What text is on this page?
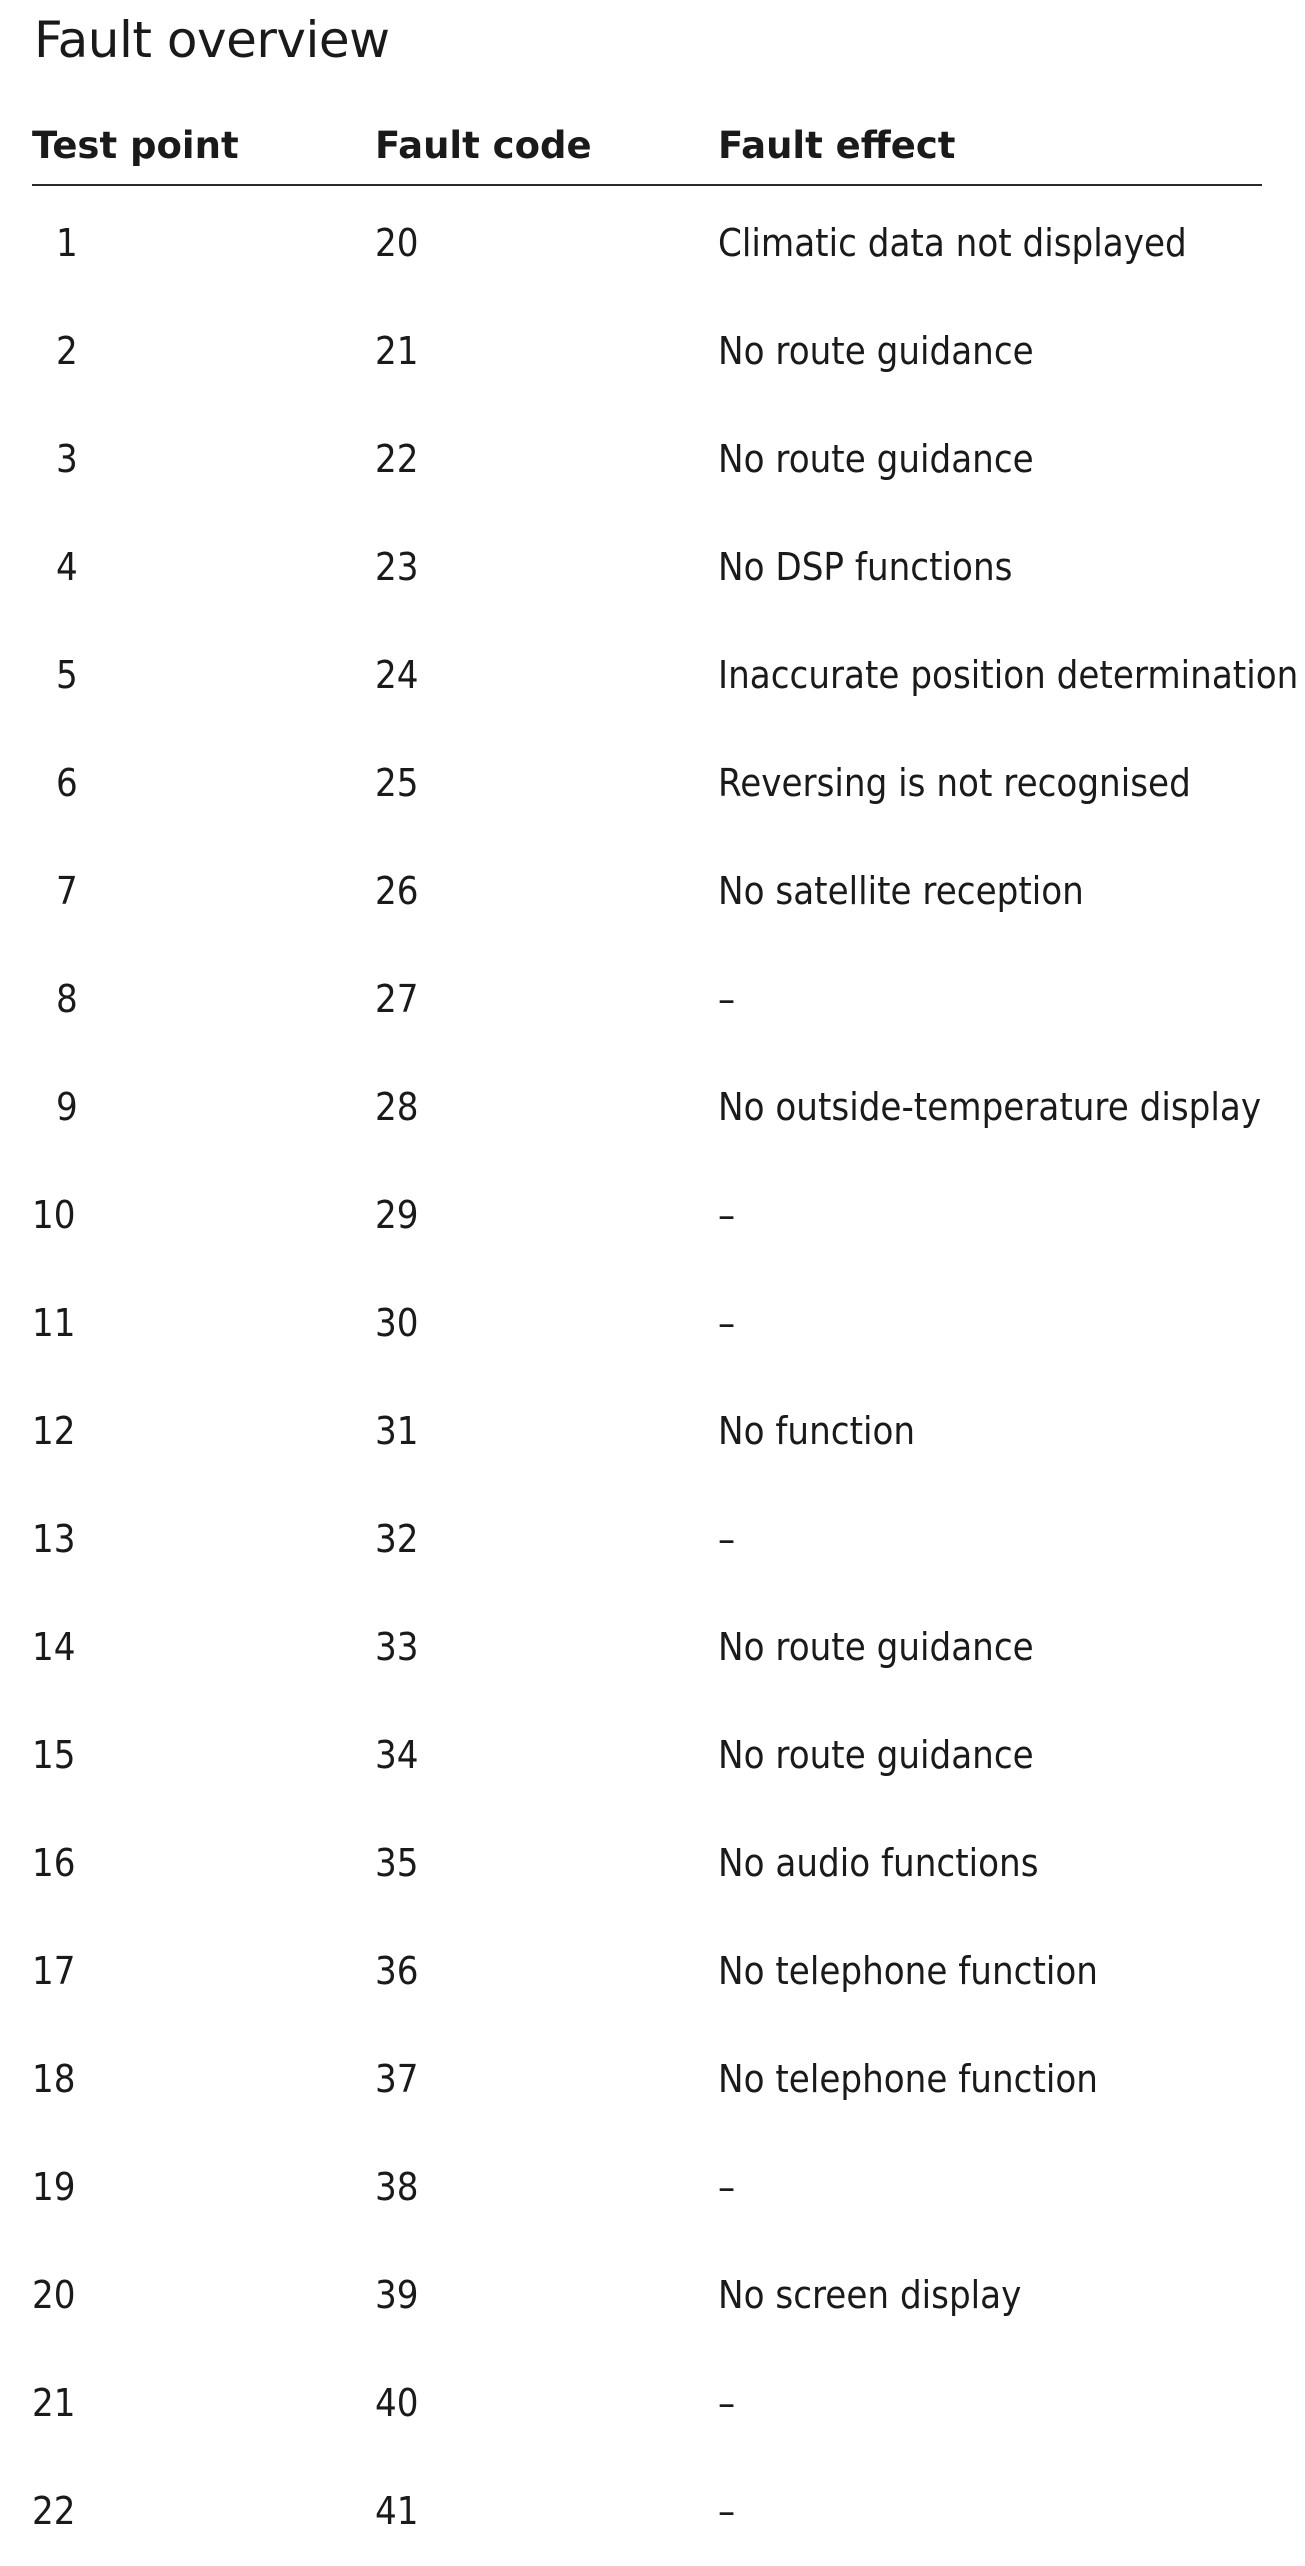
Fault overview
Test point	Fault code	Fault effect
1	20	Climatic data not displayed
2	21	No route guidance
3	22	No route guidance
4	23	No DSP functions
5	24	Inaccurate position determination
6	25	Reversing is not recognised
7	26	No satellite reception
8	27	–
9	28	No outside-temperature display
10	29	–
11	30	–
12	31	No function
13	32	–
14	33	No route guidance
15	34	No route guidance
16	35	No audio functions
17	36	No telephone function
18	37	No telephone function
19	38	–
20	39	No screen display
21	40	–
22	41	–
